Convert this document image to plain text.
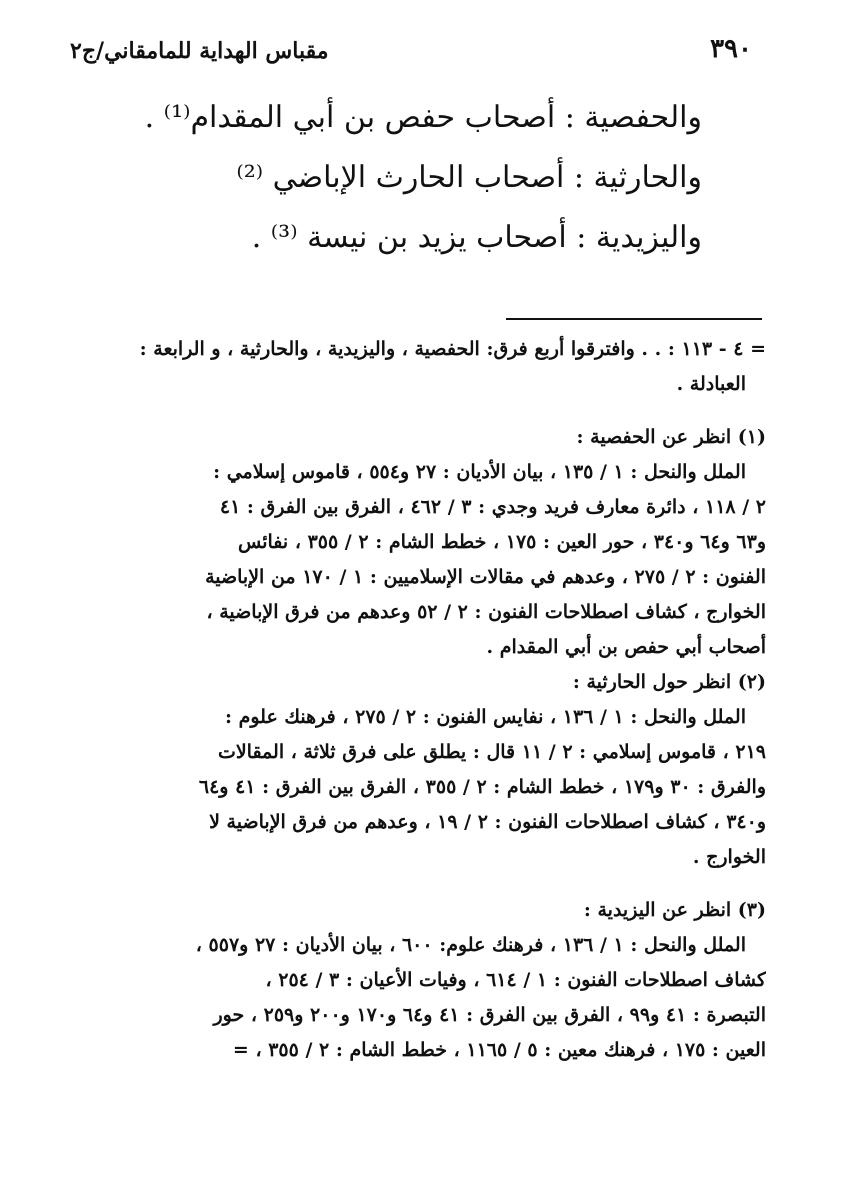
٣٩٠
مقباس الهداية للمامقاني/ج٢
والحفصية : أصحاب حفص بن أبي المقدام⁽¹⁾ .
والحارثية : أصحاب الحارث الإباضي ⁽²⁾
واليزيدية : أصحاب يزيد بن نيسة ⁽³⁾ .
= ٤ - ١١٣ : . . وافترقوا أربع فرق: الحفصية ، واليزيدية ، والحارثية ، و الرابعة :
العبادلة .
(١) انظر عن الحفصية :
الملل والنحل : ١ / ١٣٥ ، بيان الأديان : ٢٧ و٥٥٤ ، قاموس إسلامي :
٢ / ١١٨ ، دائرة معارف فريد وجدي : ٣ / ٤٦٢ ، الفرق بين الفرق : ٤١
و٦٣ و٦٤ و٣٤٠ ، حور العين : ١٧٥ ، خطط الشام : ٢ / ٣٥٥ ، نفائس
الفنون : ٢ / ٢٧٥ ، وعدهم في مقالات الإسلاميين : ١ / ١٧٠ من الإباضية
الخوارج ، كشاف اصطلاحات الفنون : ٢ / ٥٢ وعدهم من فرق الإباضية ،
أصحاب أبي حفص بن أبي المقدام .
(٢) انظر حول الحارثية :
الملل والنحل : ١ / ١٣٦ ، نفايس الفنون : ٢ / ٢٧٥ ، فرهنك علوم :
٢١٩ ، قاموس إسلامي : ٢ / ١١ قال : يطلق على فرق ثلاثة ، المقالات
والفرق : ٣٠ و١٧٩ ، خطط الشام : ٢ / ٣٥٥ ، الفرق بين الفرق : ٤١ و٦٤
و٣٤٠ ، كشاف اصطلاحات الفنون : ٢ / ١٩ ، وعدهم من فرق الإباضية لا
الخوارج .
(٣) انظر عن اليزيدية :
الملل والنحل : ١ / ١٣٦ ، فرهنك علوم: ٦٠٠ ، بيان الأديان : ٢٧ و٥٥٧ ،
كشاف اصطلاحات الفنون : ١ / ٦١٤ ، وفيات الأعيان : ٣ / ٢٥٤ ،
التبصرة : ٤١ و٩٩ ، الفرق بين الفرق : ٤١ و٦٤ و١٧٠ و٢٠٠ و٢٥٩ ، حور
العين : ١٧٥ ، فرهنك معين : ٥ / ١١٦٥ ، خطط الشام : ٢ / ٣٥٥ ، =
